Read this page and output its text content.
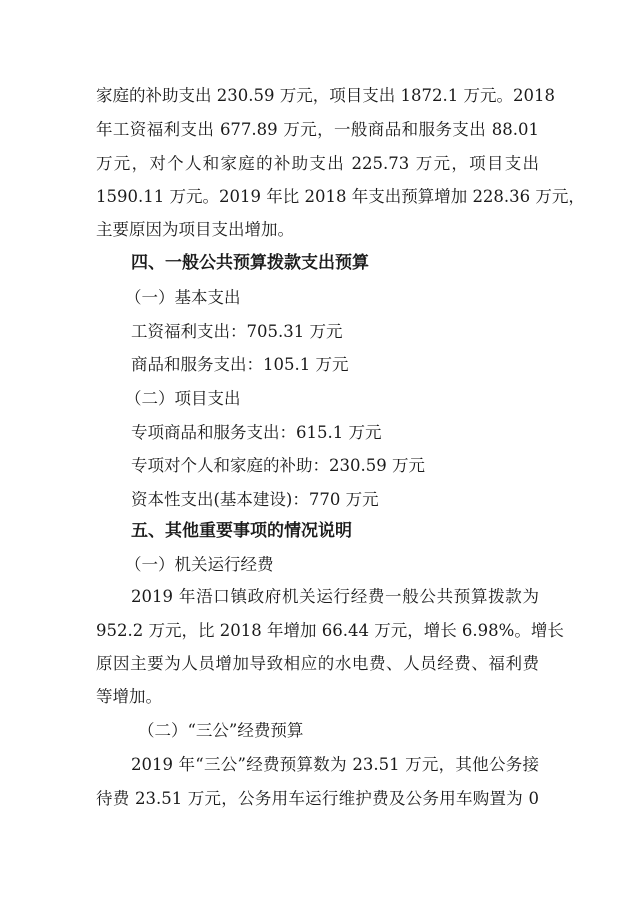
家庭的补助支出 230.59 万元，项目支出 1872.1 万元。2018
年工资福利支出 677.89 万元，一般商品和服务支出 88.01
万元，对个人和家庭的补助支出 225.73 万元，项目支出
1590.11 万元。2019 年比 2018 年支出预算增加 228.36 万元，
主要原因为项目支出增加。
四、一般公共预算拨款支出预算
（一）基本支出
工资福利支出：705.31 万元
商品和服务支出：105.1 万元
（二）项目支出
专项商品和服务支出：615.1 万元
专项对个人和家庭的补助：230.59 万元
资本性支出(基本建设)：770 万元
五、其他重要事项的情况说明
（一）机关运行经费
2019 年浯口镇政府机关运行经费一般公共预算拨款为
952.2 万元，比 2018 年增加 66.44 万元，增长 6.98%。增长
原因主要为人员增加导致相应的水电费、人员经费、福利费
等增加。
（二）“三公”经费预算
2019 年“三公”经费预算数为 23.51 万元，其他公务接
待费 23.51 万元，公务用车运行维护费及公务用车购置为 0
